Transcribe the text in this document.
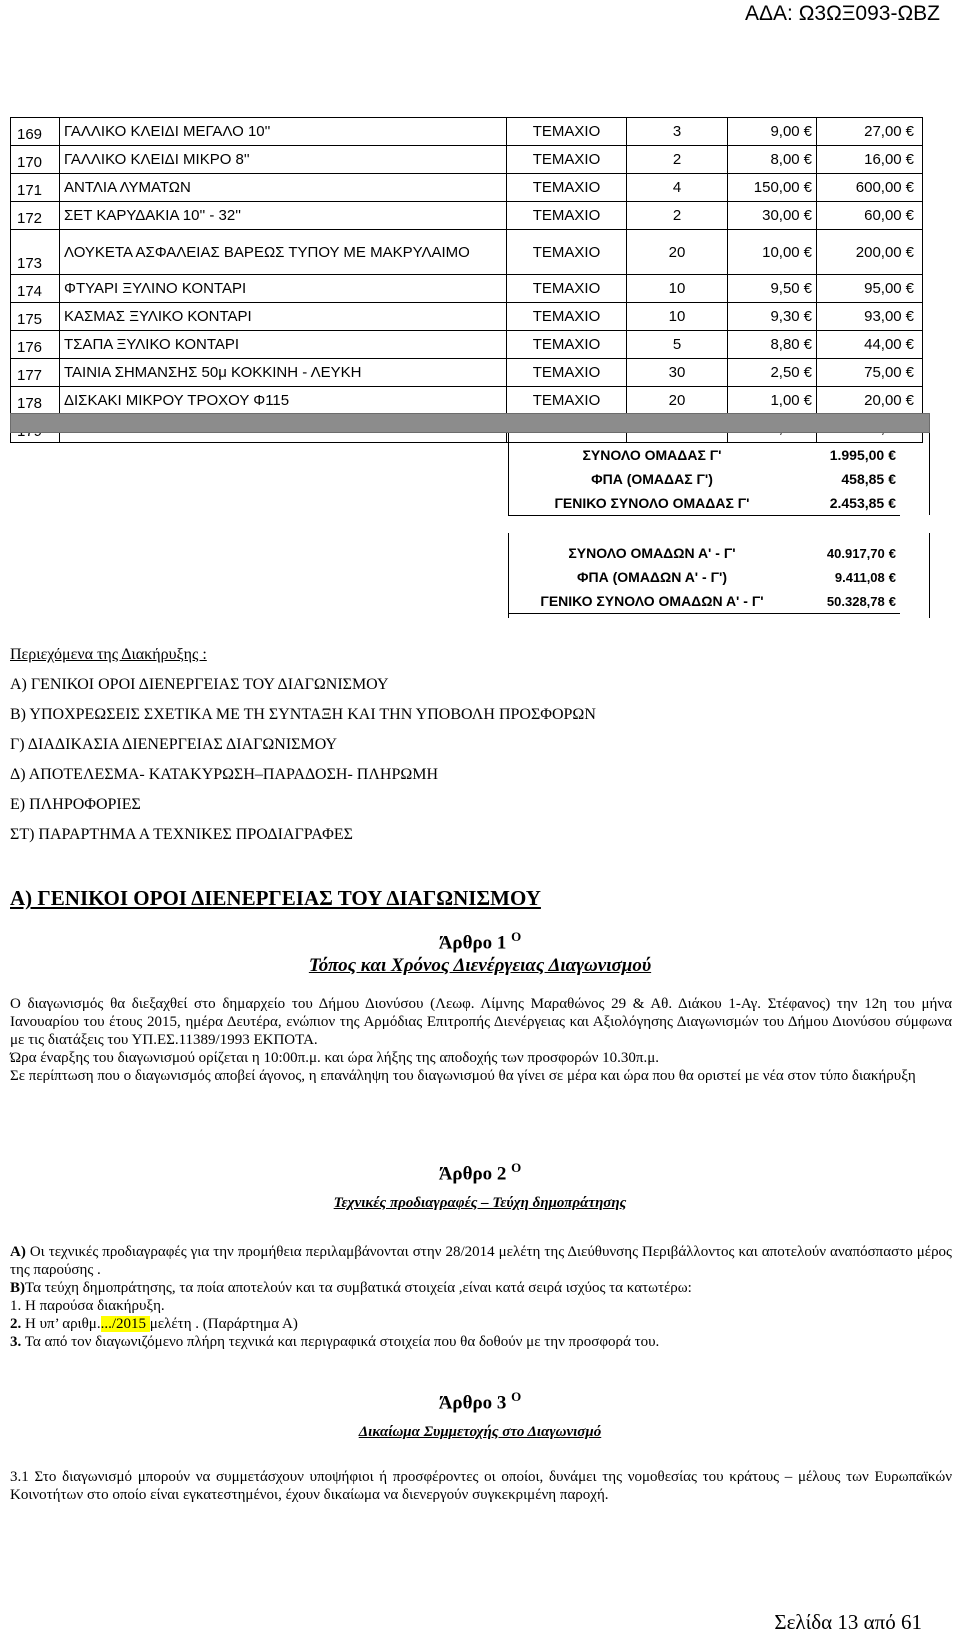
ΑΔΑ: Ω3ΩΞ093-ΩΒΖ
169	ΓΑΛΛΙΚΟ ΚΛΕΙΔΙ ΜΕΓΑΛΟ 10''	ΤΕΜΑΧΙΟ	3	9,00 €	27,00 €
170	ΓΑΛΛΙΚΟ ΚΛΕΙΔΙ ΜΙΚΡΟ 8''	ΤΕΜΑΧΙΟ	2	8,00 €	16,00 €
171	ΑΝΤΛΙΑ ΛΥΜΑΤΩΝ	ΤΕΜΑΧΙΟ	4	150,00 €	600,00 €
172	ΣΕΤ ΚΑΡΥΔΑΚΙΑ 10'' - 32''	ΤΕΜΑΧΙΟ	2	30,00 €	60,00 €
173	ΛΟΥΚΕΤΑ ΑΣΦΑΛΕΙΑΣ ΒΑΡΕΩΣ ΤΥΠΟΥ ΜΕ ΜΑΚΡΥΛΑΙΜΟ	ΤΕΜΑΧΙΟ	20	10,00 €	200,00 €
174	ΦΤΥΑΡΙ ΞΥΛΙΝΟ ΚΟΝΤΑΡΙ	ΤΕΜΑΧΙΟ	10	9,50 €	95,00 €
175	ΚΑΣΜΑΣ ΞΥΛΙΚΟ ΚΟΝΤΑΡΙ	ΤΕΜΑΧΙΟ	10	9,30 €	93,00 €
176	ΤΣΑΠΑ ΞΥΛΙΚΟ ΚΟΝΤΑΡΙ	ΤΕΜΑΧΙΟ	5	8,80 €	44,00 €
177	ΤΑΙΝΙΑ ΣΗΜΑΝΣΗΣ 50μ ΚΟΚΚΙΝΗ - ΛΕΥΚΗ	ΤΕΜΑΧΙΟ	30	2,50 €	75,00 €
178	ΔΙΣΚΑΚΙ ΜΙΚΡΟΥ ΤΡΟΧΟΥ Φ115	ΤΕΜΑΧΙΟ	20	1,00 €	20,00 €

ΣΥΝΟΛΟ ΟΜΑΔΑΣ Γ'	1.995,00 €
ΦΠΑ (ΟΜΑΔΑΣ Γ')	458,85 €
ΓΕΝΙΚΟ ΣΥΝΟΛΟ ΟΜΑΔΑΣ Γ'	2.453,85 €
ΣΥΝΟΛΟ ΟΜΑΔΩΝ Α' - Γ'	40.917,70 €
ΦΠΑ (ΟΜΑΔΩΝ Α' - Γ')	9.411,08 €
ΓΕΝΙΚΟ ΣΥΝΟΛΟ ΟΜΑΔΩΝ Α' - Γ'	50.328,78 €
Περιεχόμενα της Διακήρυξης :
Α) ΓΕΝΙΚΟΙ ΟΡΟΙ ΔΙΕΝΕΡΓΕΙΑΣ ΤΟΥ ΔΙΑΓΩΝΙΣΜΟΥ
Β) ΥΠΟΧΡΕΩΣΕΙΣ ΣΧΕΤΙΚΑ ΜΕ ΤΗ ΣΥΝΤΑΞΗ ΚΑΙ ΤΗΝ ΥΠΟΒΟΛΗ ΠΡΟΣΦΟΡΩΝ
Γ) ΔΙΑΔΙΚΑΣΙΑ ΔΙΕΝΕΡΓΕΙΑΣ ΔΙΑΓΩΝΙΣΜΟΥ
Δ) ΑΠΟΤΕΛΕΣΜΑ- ΚΑΤΑΚΥΡΩΣΗ–ΠΑΡΑΔΟΣΗ- ΠΛΗΡΩΜΗ
Ε) ΠΛΗΡΟΦΟΡΙΕΣ
ΣΤ) ΠΑΡΑΡΤΗΜΑ Α ΤΕΧΝΙΚΕΣ ΠΡΟΔΙΑΓΡΑΦΕΣ
Α) ΓΕΝΙΚΟΙ ΟΡΟΙ ΔΙΕΝΕΡΓΕΙΑΣ ΤΟΥ ΔΙΑΓΩΝΙΣΜΟΥ
Άρθρο 1 $^O$
Τόπος και Χρόνος Διενέργειας Διαγωνισμού
Ο διαγωνισμός θα διεξαχθεί στο δημαρχείο του Δήμου Διονύσου (Λεωφ. Λίμνης Μαραθώνος 29 & Αθ. Διάκου 1-Αγ. Στέφανος) την 12η του μήνα Ιανουαρίου του έτους 2015, ημέρα Δευτέρα, ενώπιον της Αρμόδιας Επιτροπής Διενέργειας και Αξιολόγησης Διαγωνισμών του Δήμου Διονύσου σύμφωνα με τις διατάξεις του ΥΠ.ΕΣ.11389/1993 ΕΚΠΟΤΑ.
Ώρα έναρξης του διαγωνισμού ορίζεται η 10:00π.μ. και ώρα λήξης της αποδοχής των προσφορών 10.30π.μ.
Σε περίπτωση που ο διαγωνισμός αποβεί άγονος, η επανάληψη του διαγωνισμού θα γίνει σε μέρα και ώρα που θα οριστεί με νέα στον τύπο διακήρυξη
Άρθρο 2 $^O$
Τεχνικές προδιαγραφές – Τεύχη δημοπράτησης
Α) Οι τεχνικές προδιαγραφές για την προμήθεια περιλαμβάνονται στην 28/2014 μελέτη της Διεύθυνσης Περιβάλλοντος και αποτελούν αναπόσπαστο μέρος της παρούσης .
Β)Τα τεύχη δημοπράτησης, τα ποία αποτελούν και τα συμβατικά στοιχεία ,είναι κατά σειρά ισχύος τα κατωτέρω:
1. Η παρούσα διακήρυξη.
2. Η υπ’ αριθμ..../2015 μελέτη . (Παράρτημα Α)
3. Τα από τον διαγωνιζόμενο πλήρη τεχνικά και περιγραφικά στοιχεία που θα δοθούν με την προσφορά του.
Άρθρο 3 $^O$
Δικαίωμα Συμμετοχής στο Διαγωνισμό
3.1 Στο διαγωνισμό μπορούν να συμμετάσχουν υποψήφιοι ή προσφέροντες οι οποίοι, δυνάμει της νομοθεσίας του κράτους – μέλους των Ευρωπαϊκών Κοινοτήτων στο οποίο είναι εγκατεστημένοι, έχουν δικαίωμα να διενεργούν συγκεκριμένη παροχή.
Σελίδα 13 από 61
